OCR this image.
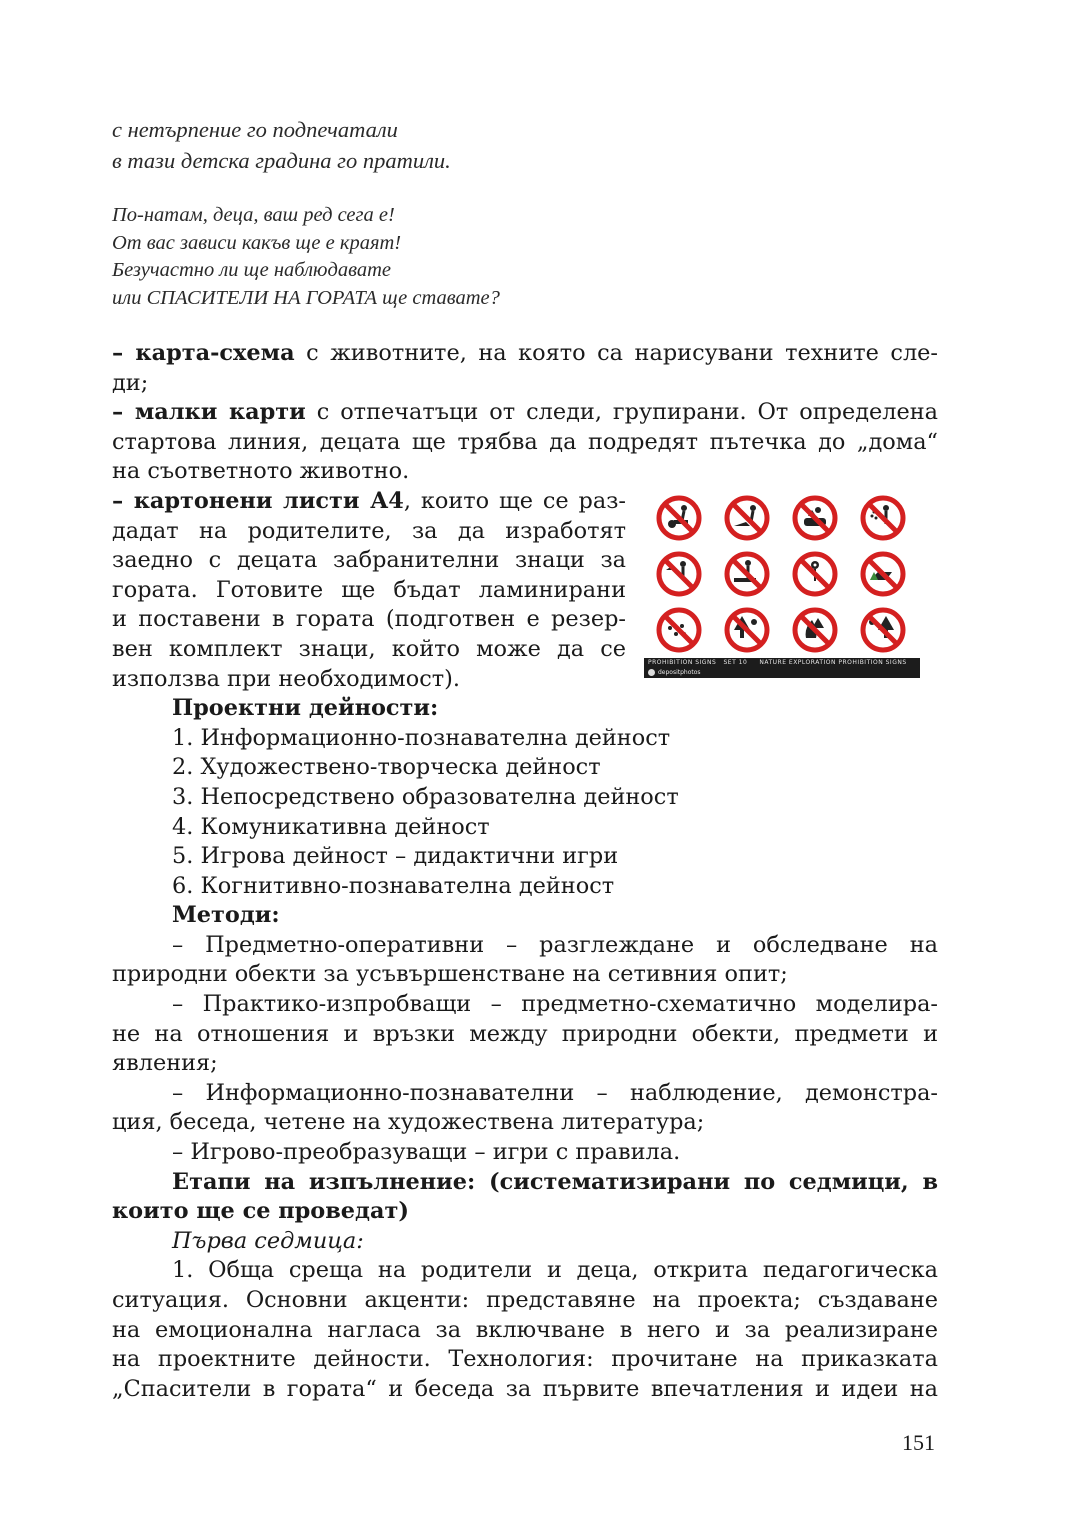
с нетърпение го подпечатали
в тази детска градина го пратили.
По-натам, деца, ваш ред сега е!
От вас зависи какъв ще е краят!
Безучастно ли ще наблюдавате
или СПАСИТЕЛИ НА ГОРАТА ще ставате?
– карта-схема с животните, на която са нарисувани техните сле-
ди;
– малки карти с отпечатъци от следи, групирани. От определена
стартова линия, децата ще трябва да подредят пътечка до „дома“
на съответното животно.
– картонени листи А4, които ще се раз-
дадат на родителите, за да изработят
заедно с децата забранителни знаци за
гората. Готовите ще бъдат ламинирани
и поставени в гората (подготвен е резер-
вен комплект знаци, който може да се
използва при необходимост).
Проектни дейности:
1. Информационно-познавателна дейност
2. Художествено-творческа дейност
3. Непосредствено образователна дейност
4. Комуникативна дейност
5. Игрова дейност – дидактични игри
6. Когнитивно-познавателна дейност
Методи:
– Предметно-оперативни – разглеждане и обследване на
природни обекти за усъвършенстване на сетивния опит;
– Практико-изпробващи – предметно-схематично моделира-
не на отношения и връзки между природни обекти, предмети и
явления;
– Информационно-познавателни – наблюдение, демонстра-
ция, беседа, четене на художествена литература;
– Игрово-преобразуващи – игри с правила.
Етапи на изпълнение: (систематизирани по седмици, в
които ще се проведат)
Първа седмица:
1. Обща среща на родители и деца, открита педагогическа
ситуация. Основни акценти: представяне на проекта; създаване
на емоционална нагласа за включване в него и за реализиране
на проектните дейности. Технология: прочитане на приказката
„Спасители в гората“ и беседа за първите впечатления и идеи на
PROHIBITION SIGNS SET 10 NATURE EXPLORATION PROHIBITION SIGNS
depositphotos
151
